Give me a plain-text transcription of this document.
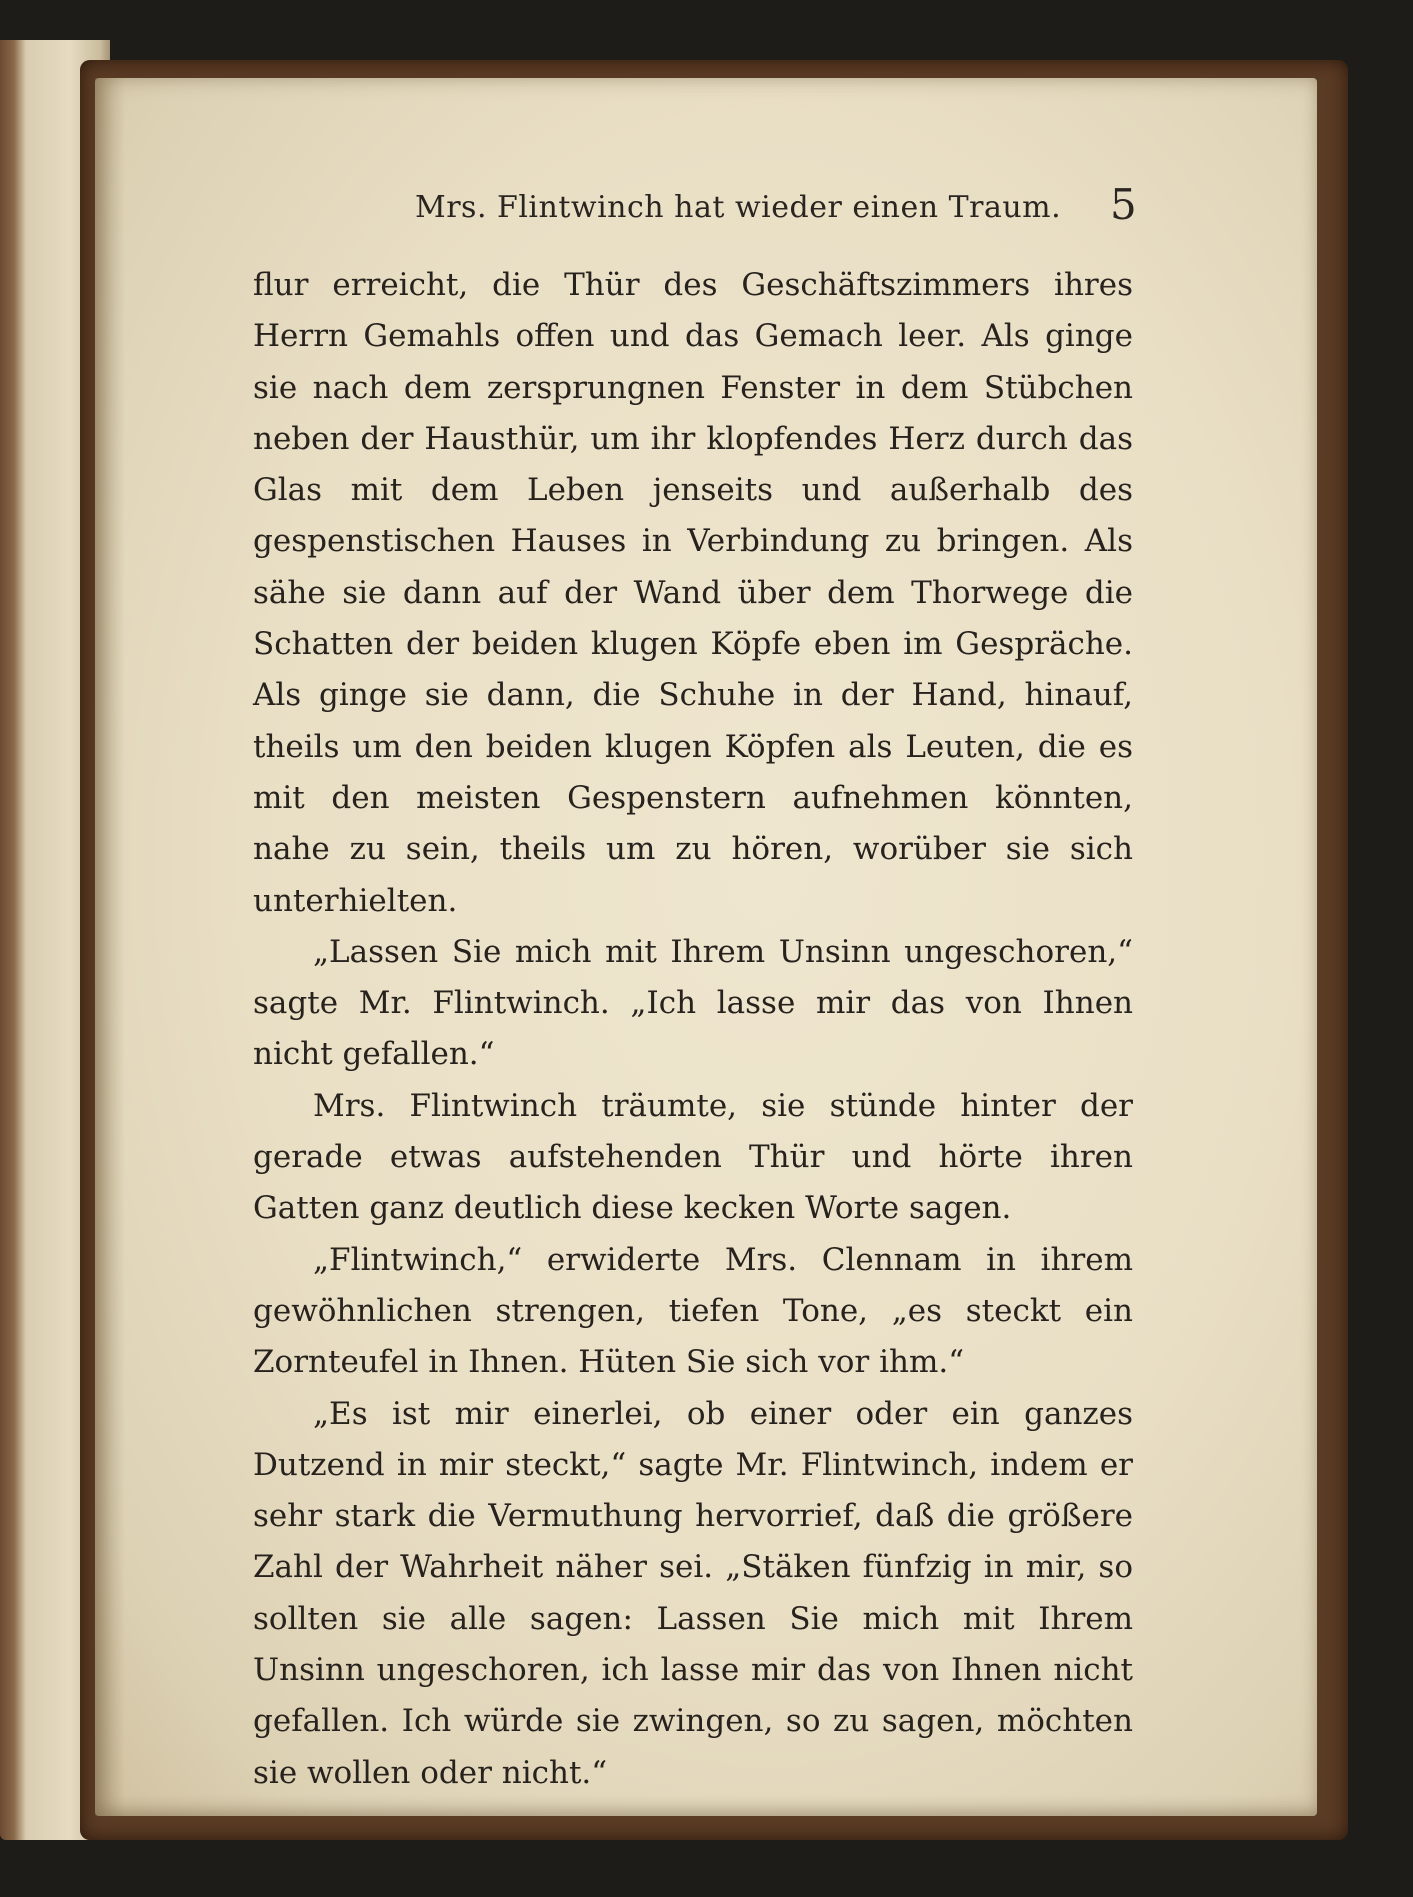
Mrs. Flintwinch hat wieder einen Traum. 5

flur erreicht, die Thür des Geschäftszimmers ihres Herrn Gemahls offen und das Gemach leer. Als ginge sie nach dem zersprungnen Fenster in dem Stübchen neben der Hausthür, um ihr klopfendes Herz durch das Glas mit dem Leben jenseits und außerhalb des gespenstischen Hauses in Verbindung zu bringen. Als sähe sie dann auf der Wand über dem Thorwege die Schatten der beiden klugen Köpfe eben im Gespräche. Als ginge sie dann, die Schuhe in der Hand, hinauf, theils um den beiden klugen Köpfen als Leuten, die es mit den meisten Gespenstern aufnehmen könnten, nahe zu sein, theils um zu hören, worüber sie sich unterhielten.

„Lassen Sie mich mit Ihrem Unsinn ungeschoren,“ sagte Mr. Flintwinch. „Ich lasse mir das von Ihnen nicht gefallen.“

Mrs. Flintwinch träumte, sie stünde hinter der gerade etwas aufstehenden Thür und hörte ihren Gatten ganz deutlich diese kecken Worte sagen.

„Flintwinch,“ erwiderte Mrs. Clennam in ihrem gewöhnlichen strengen, tiefen Tone, „es steckt ein Zornteufel in Ihnen. Hüten Sie sich vor ihm.“

„Es ist mir einerlei, ob einer oder ein ganzes Dutzend in mir steckt,“ sagte Mr. Flintwinch, indem er sehr stark die Vermuthung hervorrief, daß die größere Zahl der Wahrheit näher sei. „Stäken fünfzig in mir, so sollten sie alle sagen: Lassen Sie mich mit Ihrem Unsinn ungeschoren, ich lasse mir das von Ihnen nicht gefallen. Ich würde sie zwingen, so zu sagen, möchten sie wollen oder nicht.“
